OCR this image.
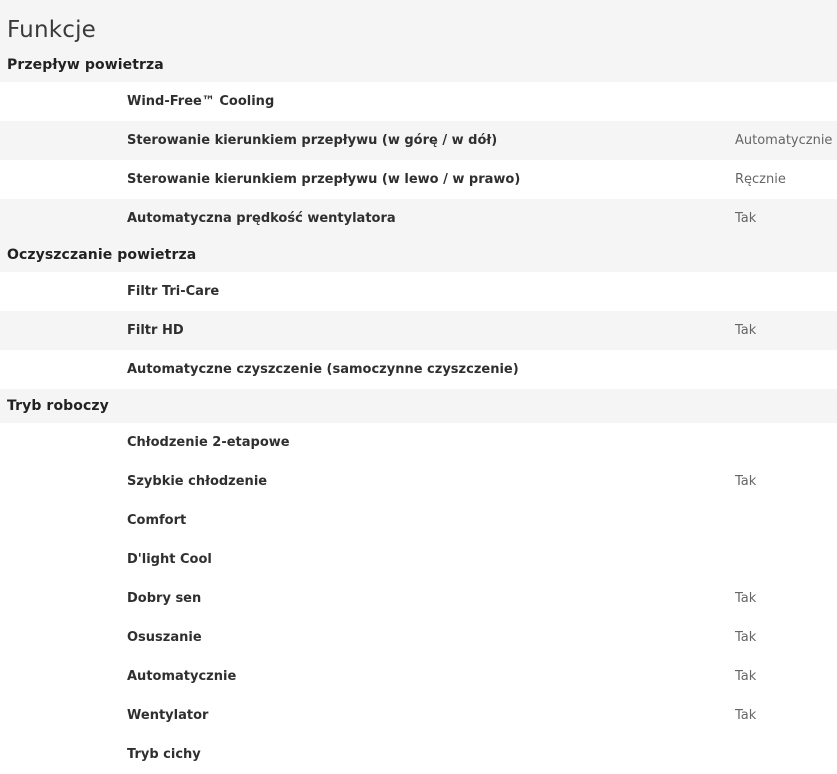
Funkcje
Przepływ powietrza
Wind-Free™ Cooling
Sterowanie kierunkiem przepływu (w górę / w dół)	Automatycznie
Sterowanie kierunkiem przepływu (w lewo / w prawo)	Ręcznie
Automatyczna prędkość wentylatora	Tak
Oczyszczanie powietrza
Filtr Tri-Care
Filtr HD	Tak
Automatyczne czyszczenie (samoczynne czyszczenie)
Tryb roboczy
Chłodzenie 2-etapowe
Szybkie chłodzenie	Tak
Comfort
D'light Cool
Dobry sen	Tak
Osuszanie	Tak
Automatycznie	Tak
Wentylator	Tak
Tryb cichy
